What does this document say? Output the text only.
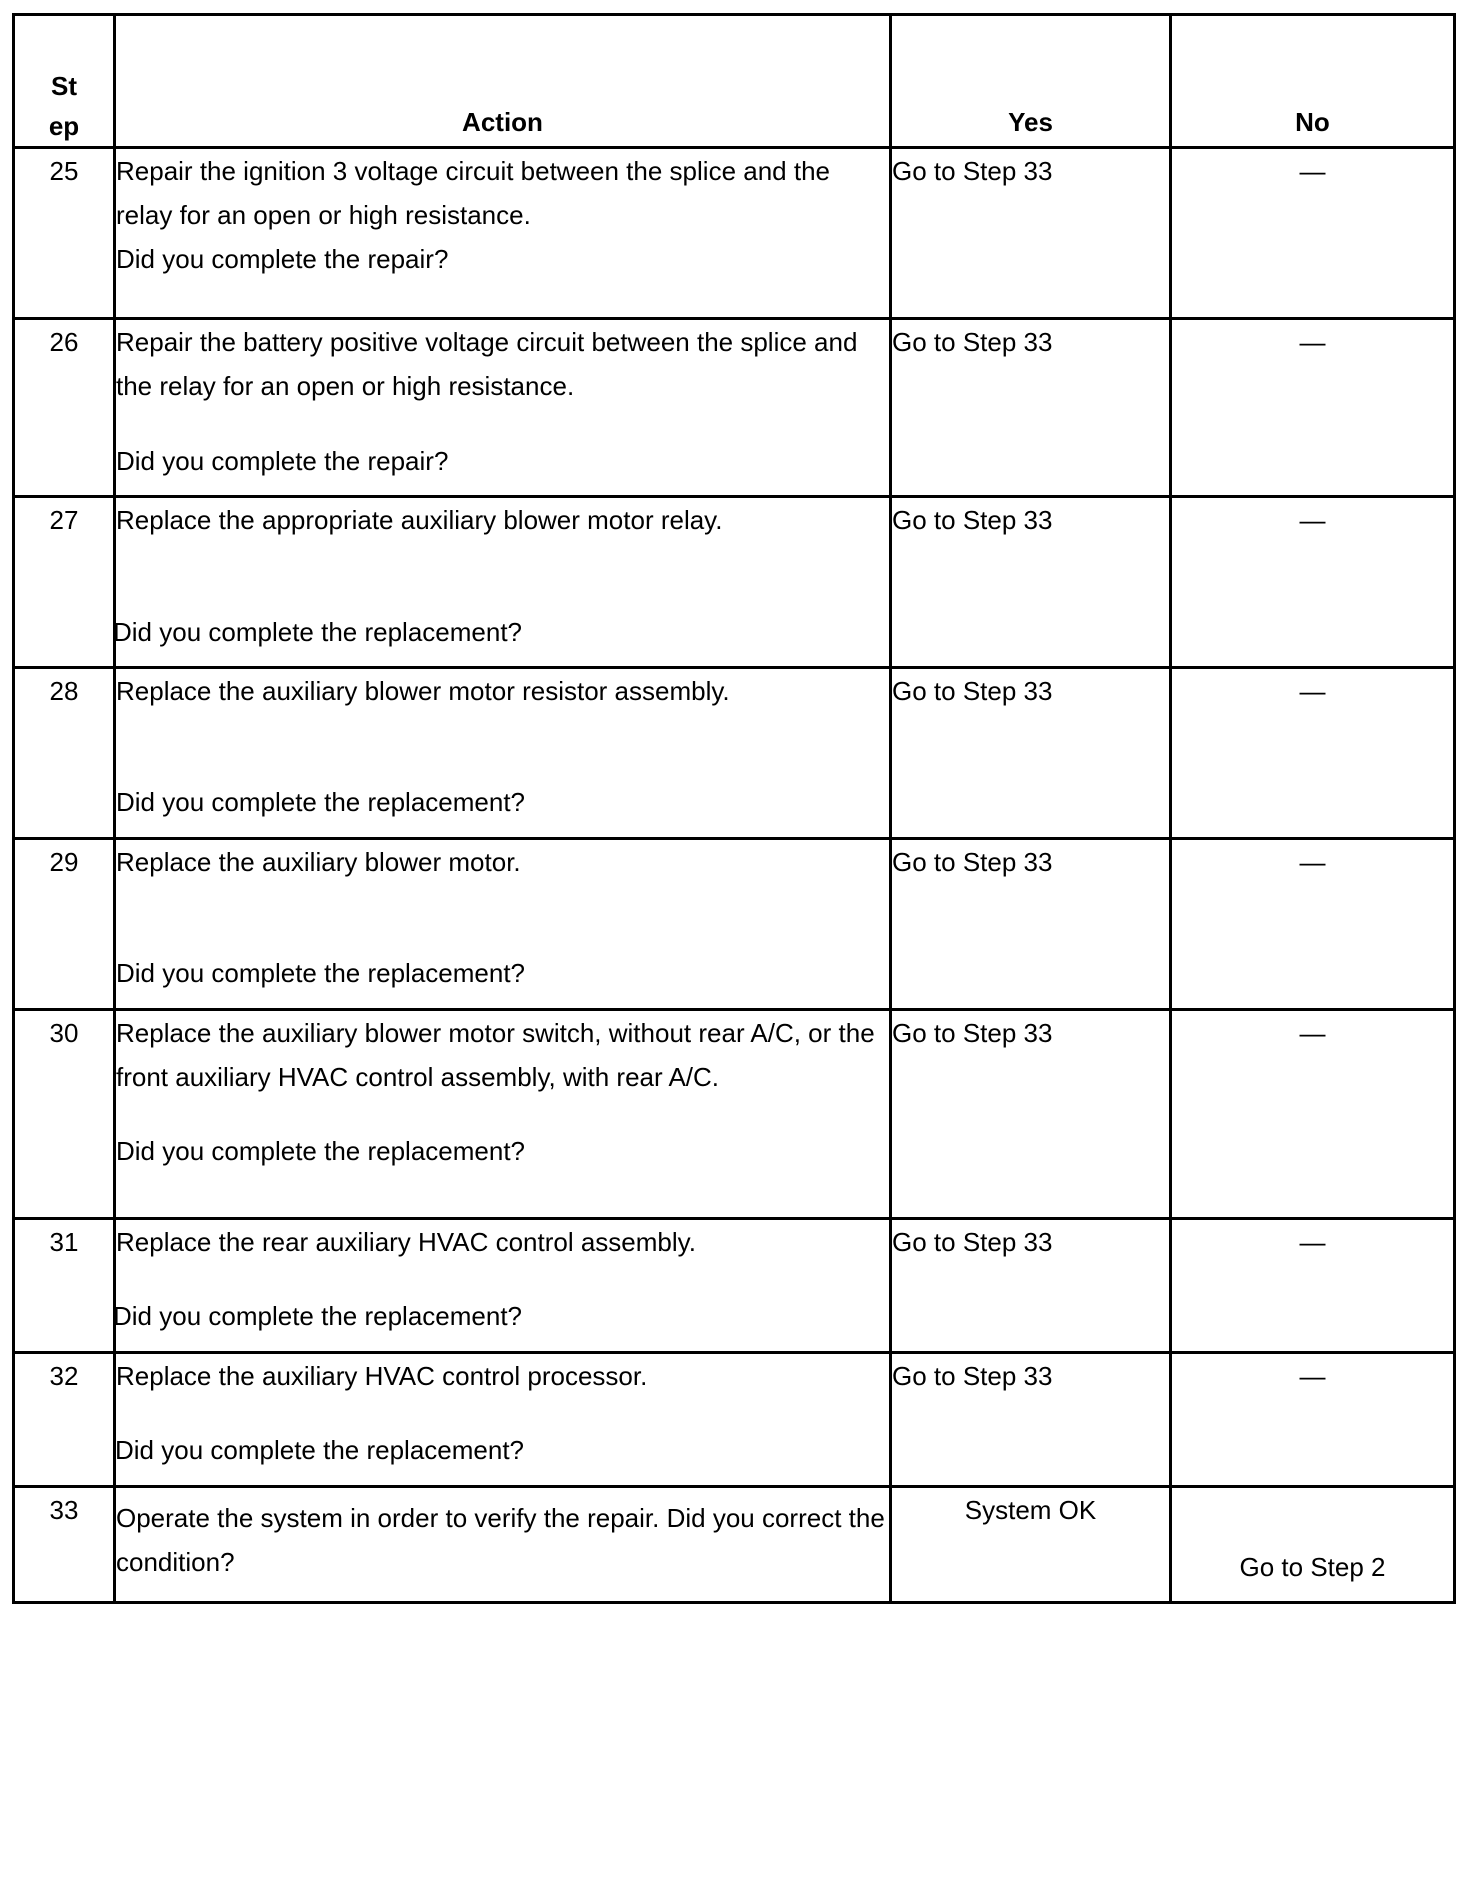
St
ep	Action	Yes	No
25	Repair the ignition 3 voltage circuit between the splice and the relay for an open or high resistance.
Did you complete the repair?	Go to Step 33	—
26	Repair the battery positive voltage circuit between the splice and the relay for an open or high resistance.
Did you complete the repair?	Go to Step 33	—
27	Replace the appropriate auxiliary blower motor relay.
Did you complete the replacement?	Go to Step 33	—
28	Replace the auxiliary blower motor resistor assembly.
Did you complete the replacement?	Go to Step 33	—
29	Replace the auxiliary blower motor.
Did you complete the replacement?	Go to Step 33	—
30	Replace the auxiliary blower motor switch, without rear A/C, or the front auxiliary HVAC control assembly, with rear A/C.
Did you complete the replacement?	Go to Step 33	—
31	Replace the rear auxiliary HVAC control assembly.
Did you complete the replacement?	Go to Step 33	—
32	Replace the auxiliary HVAC control processor.
Did you complete the replacement?	Go to Step 33	—
33	Operate the system in order to verify the repair. Did you correct the condition?	System OK	Go to Step 2
